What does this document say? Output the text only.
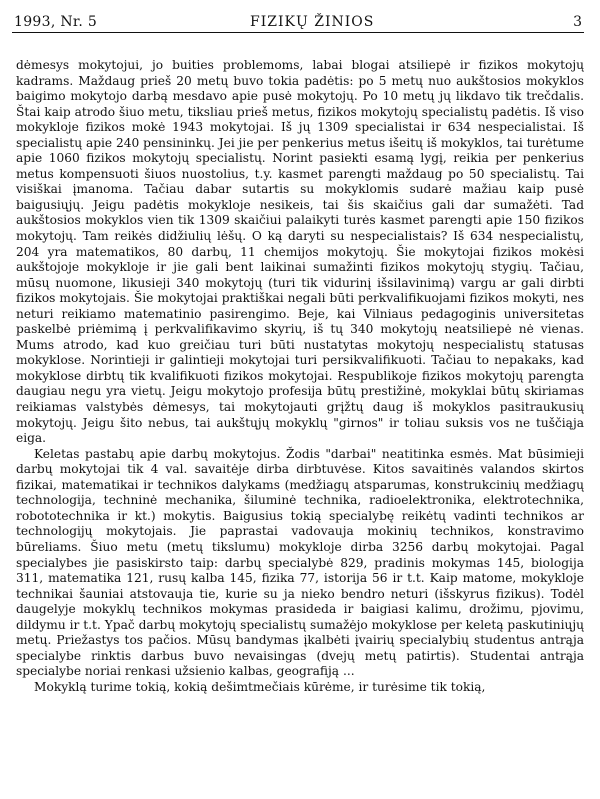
1993, Nr. 5	FIZIKŲ ŽINIOS	3

dėmesys mokytojui, jo buities problemoms, labai blogai atsiliepė ir fizikos mokytojų kadrams. Maždaug prieš 20 metų buvo tokia padėtis: po 5 metų nuo aukštosios mokyklos baigimo mokytojo darbą mesdavo apie pusė mokytojų. Po 10 metų jų likdavo tik trečdalis. Štai kaip atrodo šiuo metu, tiksliau prieš metus, fizikos mokytojų specialistų padėtis. Iš viso mokykloje fizikos mokė 1943 mokytojai. Iš jų 1309 specialistai ir 634 nespecialistai. Iš specialistų apie 240 pensininkų. Jei jie per penkerius metus išeitų iš mokyklos, tai turėtume apie 1060 fizikos mokytojų specialistų. Norint pasiekti esamą lygį, reikia per penkerius metus kompensuoti šiuos nuostolius, t.y. kasmet parengti maždaug po 50 specialistų. Tai visiškai įmanoma. Tačiau dabar sutartis su mokyklomis sudarė mažiau kaip pusė baigusiųjų. Jeigu padėtis mokykloje nesikeis, tai šis skaičius gali dar sumažėti. Tad aukštosios mokyklos vien tik 1309 skaičiui palaikyti turės kasmet parengti apie 150 fizikos mokytojų. Tam reikės didžiulių lėšų. O ką daryti su nespecialistais? Iš 634 nespecialistų, 204 yra matematikos, 80 darbų, 11 chemijos mokytojų. Šie mokytojai fizikos mokėsi aukštojoje mokykloje ir jie gali bent laikinai sumažinti fizikos mokytojų stygių. Tačiau, mūsų nuomone, likusieji 340 mokytojų (turi tik vidurinį išsilavinimą) vargu ar gali dirbti fizikos mokytojais. Šie mokytojai praktiškai negali būti perkvalifikuojami fizikos mokyti, nes neturi reikiamo matematinio pasirengimo. Beje, kai Vilniaus pedagoginis universitetas paskelbė priėmimą į perkvalifikavimo skyrių, iš tų 340 mokytojų neatsiliepė nė vienas. Mums atrodo, kad kuo greičiau turi būti nustatytas mokytojų nespecialistų statusas mokyklose. Norintieji ir galintieji mokytojai turi persikvalifikuoti. Tačiau to nepakaks, kad mokyklose dirbtų tik kvalifikuoti fizikos mokytojai. Respublikoje fizikos mokytojų parengta daugiau negu yra vietų. Jeigu mokytojo profesija būtų prestižinė, mokyklai būtų skiriamas reikiamas valstybės dėmesys, tai mokytojauti grįžtų daug iš mokyklos pasitraukusių mokytojų. Jeigu šito nebus, tai aukštųjų mokyklų "girnos" ir toliau suksis vos ne tuščiąja eiga.

Keletas pastabų apie darbų mokytojus. Žodis "darbai" neatitinka esmės. Mat būsimieji darbų mokytojai tik 4 val. savaitėje dirba dirbtuvėse. Kitos savaitinės valandos skirtos fizikai, matematikai ir technikos dalykams (medžiagų atsparumas, konstrukcinių medžiagų technologija, techninė mechanika, šiluminė technika, radioelektronika, elektrotechnika, robototechnika ir kt.) mokytis. Baigusius tokią specialybę reikėtų vadinti technikos ar technologijų mokytojais. Jie paprastai vadovauja mokinių technikos, konstravimo būreliams. Šiuo metu (metų tikslumu) mokykloje dirba 3256 darbų mokytojai. Pagal specialybes jie pasiskirsto taip: darbų specialybė 829, pradinis mokymas 145, biologija 311, matematika 121, rusų kalba 145, fizika 77, istorija 56 ir t.t. Kaip matome, mokykloje technikai šauniai atstovauja tie, kurie su ja nieko bendro neturi (išskyrus fizikus). Todėl daugelyje mokyklų technikos mokymas prasideda ir baigiasi kalimu, drožimu, pjovimu, dildymu ir t.t. Ypač darbų mokytojų specialistų sumažėjo mokyklose per keletą paskutiniųjų metų. Priežastys tos pačios. Mūsų bandymas įkalbėti įvairių specialybių studentus antrąja specialybe rinktis darbus buvo nevaisingas (dvejų metų patirtis). Studentai antrąja specialybe noriai renkasi užsienio kalbas, geografiją ...

Mokyklą turime tokią, kokią dešimtmečiais kūrėme, ir turėsime tik tokią,
